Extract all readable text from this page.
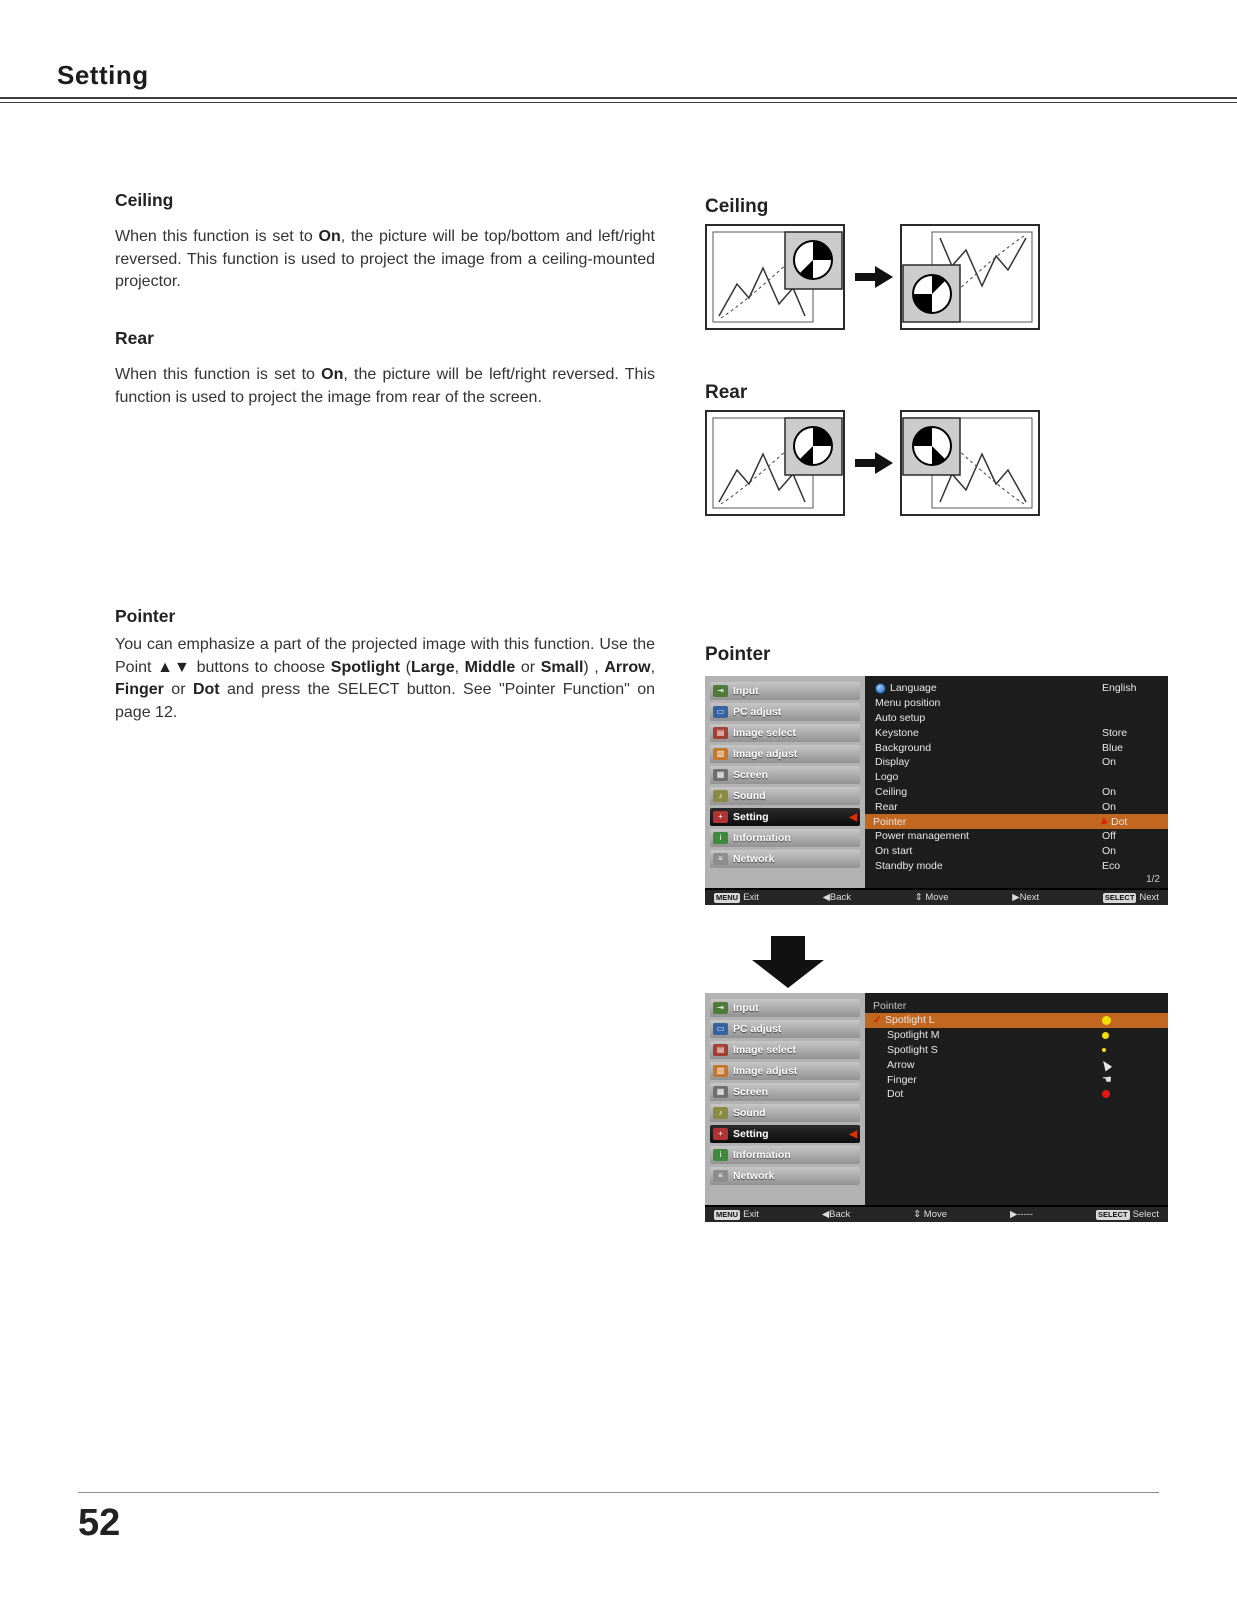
Setting
Ceiling
When this function is set to On, the picture will be top/bottom and left/right reversed. This function is used to project the image from a ceiling-mounted projector.
Rear
When this function is set to On, the picture will be left/right reversed. This function is used to project the image from rear of the screen.
Pointer
You can emphasize a part of the projected image with this function. Use the Point ▲▼ buttons to choose Spotlight (Large, Middle or Small) , Arrow, Finger or Dot and press the SELECT button. See "Pointer Function" on page 12.
Ceiling
Rear
Pointer
⇥ Input
▭ PC adjust
▤ Image select
▧ Image adjust
▦ Screen
♪	Sound
+ Setting	◀
i	Information
≡ Network
Language	English
Menu position
Auto setup
Keystone	Store
Background	Blue
Display	On
Logo
Ceiling	On
Rear	On
Pointer	Dot
Power management	Off
On start	On
Standby mode	Eco
1/2
MENU Exit	◀Back	⇕ Move	▶Next	SELECT Next
⇥ Input
▭ PC adjust
▤ Image select
▧ Image adjust
▦ Screen
♪	Sound
+ Setting	◀
i	Information
≡ Network
Pointer
✓ Spotlight L
Spotlight M
Spotlight S
Arrow
Finger	☚
Dot
MENU Exit	◀Back	⇕ Move	▶-----	SELECT Select
52
